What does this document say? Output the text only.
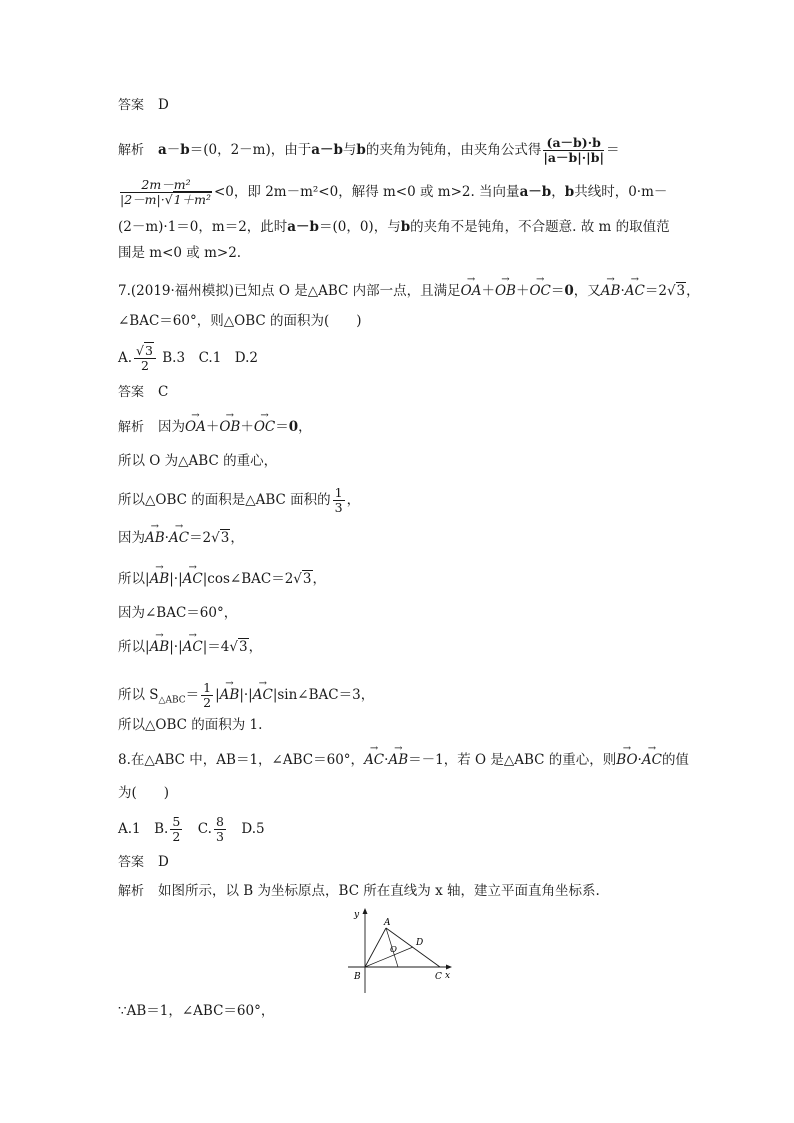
答案 D
解析 a－b＝(0，2－m)，由于a－b与b的夹角为钝角，由夹角公式得 $\frac{(a-b)\cdot b}{|a-b|\cdot|b|}$ ＝
$\frac{\text{2m－m²}}{\text{|2－m|·√1＋m²}} <0$，即 2m－m²<0，解得 m<0 或 m>2. 当向量a－b，b共线时，0·m－
(2－m)·1＝0，m＝2，此时a－b＝(0，0)，与b的夹角不是钝角，不合题意. 故 m 的取值范
围是 m<0 或 m>2.
7.(2019·福州模拟)已知点 O 是△ABC 内部一点，且满足→ OA＋→ OB＋→ OC＝0，又→ AB·→ AC＝2√3，
∠BAC＝60°，则△OBC 的面积为(　　)
A. $\frac{√3}{2} B.3$　C.1　D.2
答案 C
解析 因为→ OA＋→ OB＋→ OC＝0，
所以 O 为△ABC 的重心，
所以△OBC 的面积是△ABC 面积的 $\frac{1}{3}$ ，
因为→ AB·→ AC＝2√3，
所以|→ AB|·|→ AC|cos∠BAC＝2√3，
因为∠BAC＝60°，
所以|→ AB|·|→ AC|＝4√3，
所以 $S_{\triangle ABC}= \frac{1}{2}$ |→ AB|·|→ AC|sin∠BAC＝3，
所以△OBC 的面积为 1.
8.在△ABC 中，AB＝1，∠ABC＝60°，→ AC·→ AB＝－1，若 O 是△ABC 的重心，则→ BO·→ AC的值
为(　　)
A.1　B. $\frac{5}{2}$ 　C. $\frac{8}{3}$ 　D.5
答案 D
解析 如图所示，以 B 为坐标原点，BC 所在直线为 x 轴，建立平面直角坐标系.
y
A
O
D
B	C x
∵AB＝1，∠ABC＝60°，
